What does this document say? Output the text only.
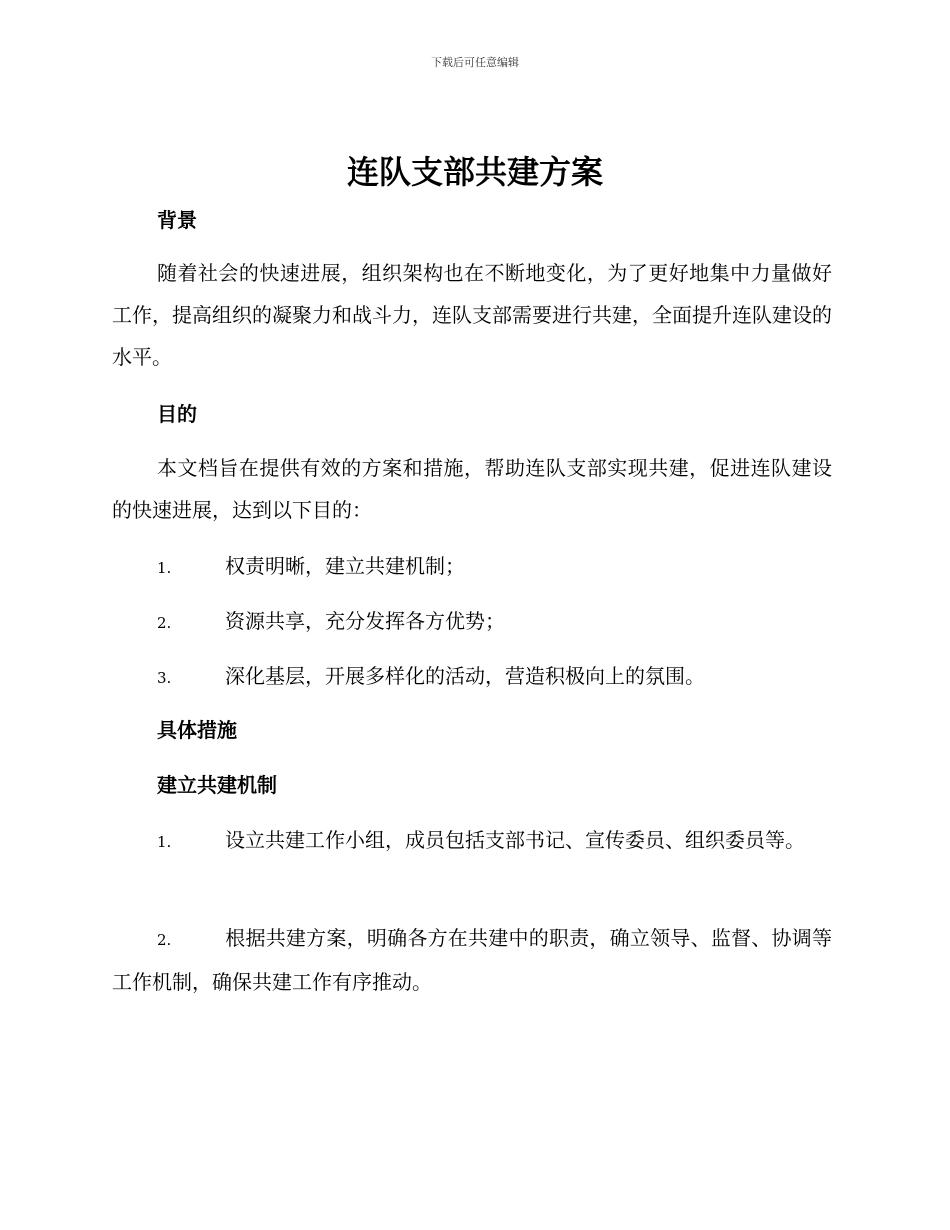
下载后可任意编辑
连队支部共建方案
背景

随着社会的快速进展，组织架构也在不断地变化，为了更好地集中力量做好工作，提高组织的凝聚力和战斗力，连队支部需要进行共建，全面提升连队建设的水平。

目的

本文档旨在提供有效的方案和措施，帮助连队支部实现共建，促进连队建设的快速进展，达到以下目的：

1.	权责明晰，建立共建机制；

2.	资源共享，充分发挥各方优势；

3.	深化基层，开展多样化的活动，营造积极向上的氛围。

具体措施
建立共建机制

1.	设立共建工作小组，成员包括支部书记、宣传委员、组织委员等。

2.	根据共建方案，明确各方在共建中的职责，确立领导、监督、协调等工作机制，确保共建工作有序推动。
